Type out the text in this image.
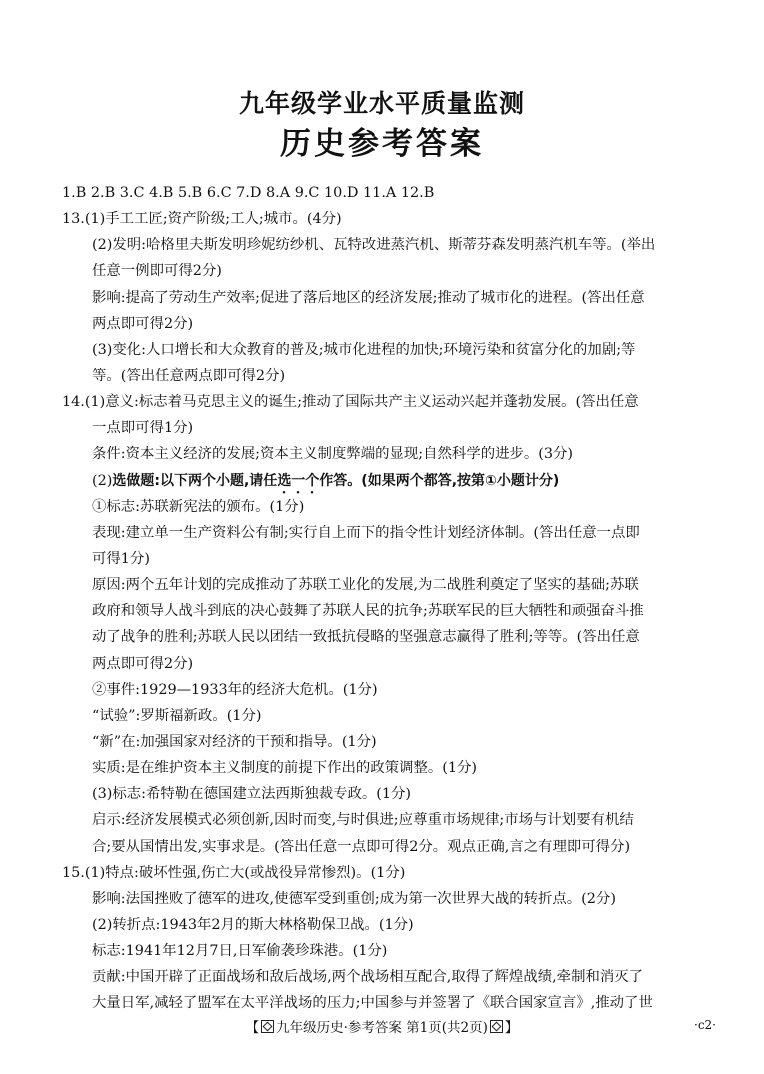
九年级学业水平质量监测
历史参考答案
1.B 2.B 3.C 4.B 5.B 6.C 7.D 8.A 9.C 10.D 11.A 12.B
13.(1)手工工匠;资产阶级;工人;城市。(4分)
(2)发明:哈格里夫斯发明珍妮纺纱机、瓦特改进蒸汽机、斯蒂芬森发明蒸汽机车等。(举出
任意一例即可得2分)
影响:提高了劳动生产效率;促进了落后地区的经济发展;推动了城市化的进程。(答出任意
两点即可得2分)
(3)变化:人口增长和大众教育的普及;城市化进程的加快;环境污染和贫富分化的加剧;等
等。(答出任意两点即可得2分)
14.(1)意义:标志着马克思主义的诞生;推动了国际共产主义运动兴起并蓬勃发展。(答出任意
一点即可得1分)
条件:资本主义经济的发展;资本主义制度弊端的显现;自然科学的进步。(3分)
(2)选做题:以下两个小题,请任选一个作答。(如果两个都答,按第①小题计分)
①标志:苏联新宪法的颁布。(1分)
表现:建立单一生产资料公有制;实行自上而下的指令性计划经济体制。(答出任意一点即
可得1分)
原因:两个五年计划的完成推动了苏联工业化的发展,为二战胜利奠定了坚实的基础;苏联
政府和领导人战斗到底的决心鼓舞了苏联人民的抗争;苏联军民的巨大牺牲和顽强奋斗推
动了战争的胜利;苏联人民以团结一致抵抗侵略的坚强意志赢得了胜利;等等。(答出任意
两点即可得2分)
②事件:1929—1933年的经济大危机。(1分)
“试验”:罗斯福新政。(1分)
“新”在:加强国家对经济的干预和指导。(1分)
实质:是在维护资本主义制度的前提下作出的政策调整。(1分)
(3)标志:希特勒在德国建立法西斯独裁专政。(1分)
启示:经济发展模式必须创新,因时而变,与时俱进;应尊重市场规律;市场与计划要有机结
合;要从国情出发,实事求是。(答出任意一点即可得2分。观点正确,言之有理即可得分)
15.(1)特点:破坏性强,伤亡大(或战役异常惨烈)。(1分)
影响:法国挫败了德军的进攻,使德军受到重创;成为第一次世界大战的转折点。(2分)
(2)转折点:1943年2月的斯大林格勒保卫战。(1分)
标志:1941年12月7日,日军偷袭珍珠港。(1分)
贡献:中国开辟了正面战场和敌后战场,两个战场相互配合,取得了辉煌战绩,牵制和消灭了
大量日军,减轻了盟军在太平洋战场的压力;中国参与并签署了《联合国家宣言》,推动了世
【 九年级历史·参考答案 第1页(共2页) 】	·c2·
